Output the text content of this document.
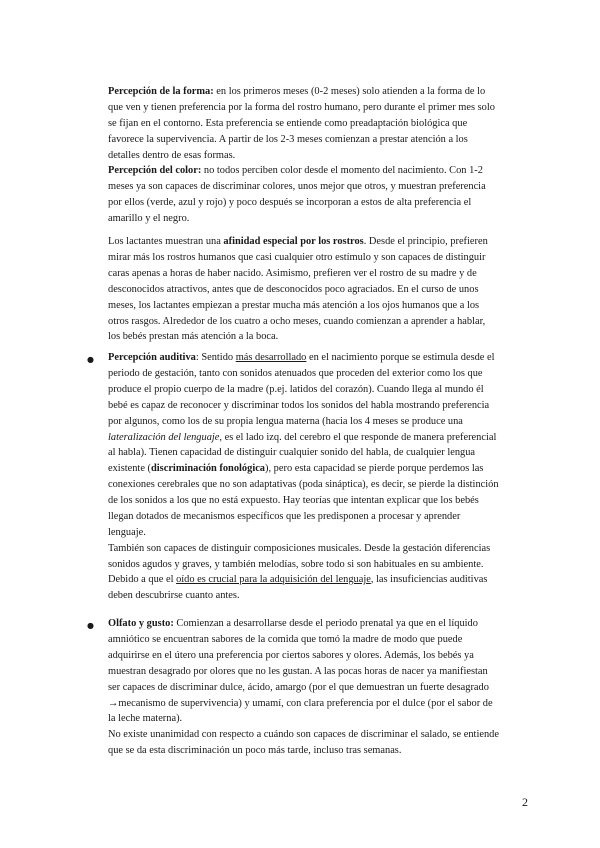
Percepción de la forma: en los primeros meses (0-2 meses) solo atienden a la forma de lo
que ven y tienen preferencia por la forma del rostro humano, pero durante el primer mes solo
se fijan en el contorno. Esta preferencia se entiende como preadaptación biológica que
favorece la supervivencia. A partir de los 2-3 meses comienzan a prestar atención a los
detalles dentro de esas formas.
Percepción del color: no todos perciben color desde el momento del nacimiento. Con 1-2
meses ya son capaces de discriminar colores, unos mejor que otros, y muestran preferencia
por ellos (verde, azul y rojo) y poco después se incorporan a estos de alta preferencia el
amarillo y el negro.
Los lactantes muestran una afinidad especial por los rostros. Desde el principio, prefieren
mirar más los rostros humanos que casi cualquier otro estímulo y son capaces de distinguir
caras apenas a horas de haber nacido. Asimismo, prefieren ver el rostro de su madre y de
desconocidos atractivos, antes que de desconocidos poco agraciados. En el curso de unos
meses, los lactantes empiezan a prestar mucha más atención a los ojos humanos que a los
otros rasgos. Alrededor de los cuatro a ocho meses, cuando comienzan a aprender a hablar,
los bebés prestan más atención a la boca.
● Percepción auditiva: Sentido más desarrollado en el nacimiento porque se estimula desde el
periodo de gestación, tanto con sonidos atenuados que proceden del exterior como los que
produce el propio cuerpo de la madre (p.ej. latidos del corazón). Cuando llega al mundo él
bebé es capaz de reconocer y discriminar todos los sonidos del habla mostrando preferencia
por algunos, como los de su propia lengua materna (hacia los 4 meses se produce una
lateralización del lenguaje, es el lado izq. del cerebro el que responde de manera preferencial
al habla). Tienen capacidad de distinguir cualquier sonido del habla, de cualquier lengua
existente (discriminación fonológica), pero esta capacidad se pierde porque perdemos las
conexiones cerebrales que no son adaptativas (poda sináptica), es decir, se pierde la distinción
de los sonidos a los que no está expuesto. Hay teorías que intentan explicar que los bebés
llegan dotados de mecanismos específicos que les predisponen a procesar y aprender
lenguaje.
También son capaces de distinguir composiciones musicales. Desde la gestación diferencias
sonidos agudos y graves, y también melodías, sobre todo si son habituales en su ambiente.
Debido a que el oído es crucial para la adquisición del lenguaje, las insuficiencias auditivas
deben descubrirse cuanto antes.
● Olfato y gusto: Comienzan a desarrollarse desde el periodo prenatal ya que en el líquido
amniótico se encuentran sabores de la comida que tomó la madre de modo que puede
adquirirse en el útero una preferencia por ciertos sabores y olores. Además, los bebés ya
muestran desagrado por olores que no les gustan. A las pocas horas de nacer ya manifiestan
ser capaces de discriminar dulce, ácido, amargo (por el que demuestran un fuerte desagrado
→mecanismo de supervivencia) y umamí, con clara preferencia por el dulce (por el sabor de
la leche materna).
No existe unanimidad con respecto a cuándo son capaces de discriminar el salado, se entiende
que se da esta discriminación un poco más tarde, incluso tras semanas.
2
